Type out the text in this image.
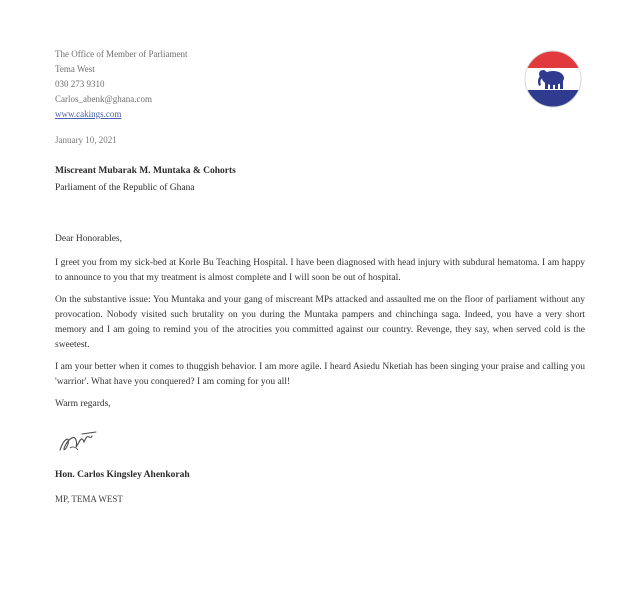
The Office of Member of Parliament
Tema West
030 273 9310
Carlos_abenk@ghana.com
www.cakings.com
January 10, 2021
Miscreant Mubarak M. Muntaka & Cohorts
Parliament of the Republic of Ghana

Dear Honorables,

I greet you from my sick-bed at Korle Bu Teaching Hospital. I have been diagnosed with head injury with subdural hematoma. I am happy to announce to you that my treatment is almost complete and I will soon be out of hospital.

On the substantive issue: You Muntaka and your gang of miscreant MPs attacked and assaulted me on the floor of parliament without any provocation. Nobody visited such brutality on you during the Muntaka pampers and chinchinga saga. Indeed, you have a very short memory and I am going to remind you of the atrocities you committed against our country. Revenge, they say, when served cold is the sweetest.

I am your better when it comes to thuggish behavior. I am more agile. I heard Asiedu Nketiah has been singing your praise and calling you 'warrior'. What have you conquered? I am coming for you all!

Warm regards,

Hon. Carlos Kingsley Ahenkorah
MP, TEMA WEST
